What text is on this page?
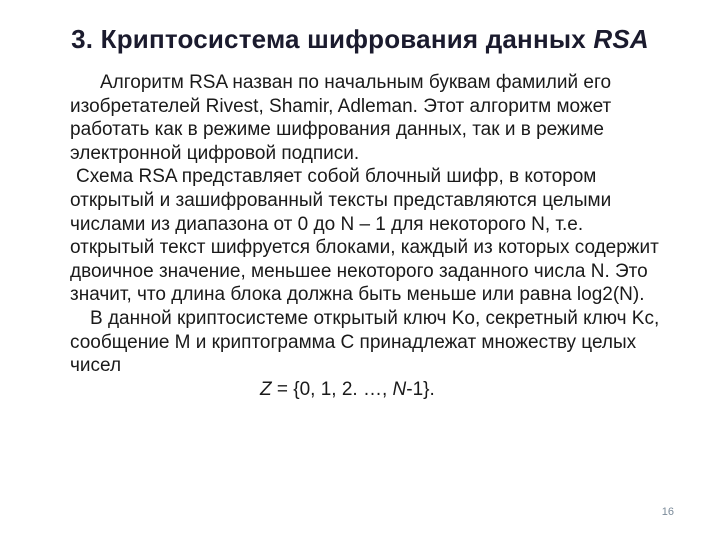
3. Криптосистема шифрования данных RSA

Алгоритм RSA назван по начальным буквам фамилий его изобретателей Rivest, Shamir, Adleman. Этот алгоритм может работать как в режиме шифрования данных, так и в режиме электронной цифровой подписи.

Схема RSA представляет собой блочный шифр, в котором открытый и зашифрованный тексты представляются целыми числами из диапазона от 0 до N – 1 для некоторого N, т.е. открытый текст шифруется блоками, каждый из которых содержит двоичное значение, меньшее некоторого заданного числа N. Это значит, что длина блока должна быть меньше или равна log2(N).

В данной криптосистеме открытый ключ Ko, секретный ключ Kc, сообщение M и криптограмма C принадлежат множеству целых чисел

Z = {0, 1, 2. …, N-1}.

16
